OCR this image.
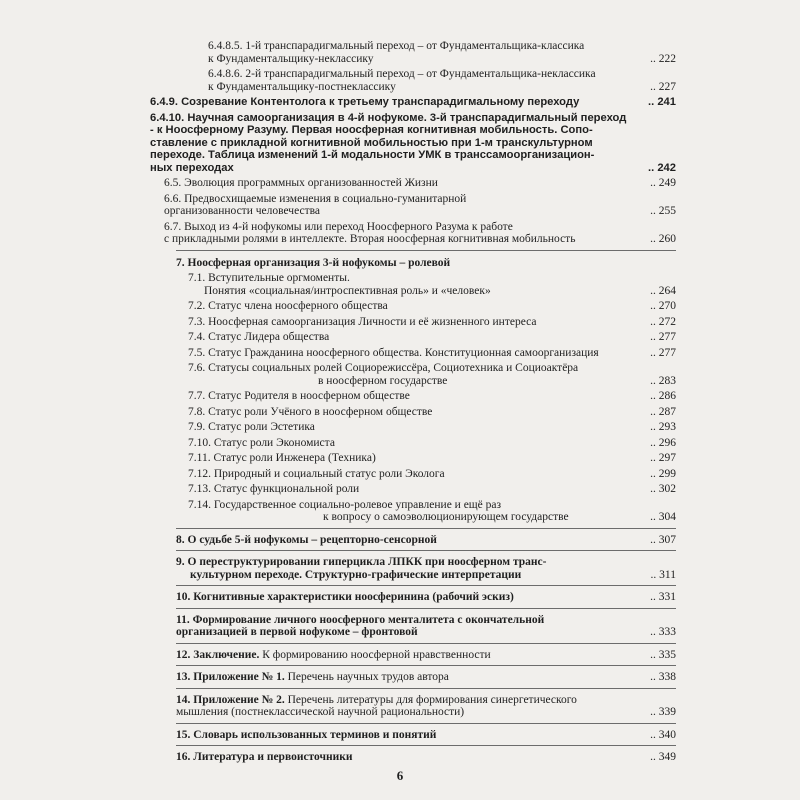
6.4.8.5. 1-й транспарадигмальный переход – от Фундаментальщика-классика
к Фундаментальщику-неклассику	.. 222
6.4.8.6. 2-й транспарадигмальный переход – от Фундаментальщика-неклассика
к Фундаментальщику-постнеклассику	.. 227
6.4.9. Созревание Контентолога к третьему транспарадигмальному переходу	.. 241
6.4.10. Научная самоорганизация в 4-й нофукоме. 3-й транспарадигмальный переход
- к Ноосферному Разуму. Первая ноосферная когнитивная мобильность. Сопо-
ставление с прикладной когнитивной мобильностью при 1-м транскультурном
переходе. Таблица изменений 1-й модальности УМК в транссамоорганизацион-
ных переходах	.. 242
6.5. Эволюция программных организованностей Жизни	.. 249
6.6. Предвосхищаемые изменения в социально-гуманитарной
организованности человечества	.. 255
6.7. Выход из 4-й нофукомы или переход Ноосферного Разума к работе
с прикладными ролями в интеллекте. Вторая ноосферная когнитивная мобильность	.. 260
7. Ноосферная организация 3-й нофукомы – ролевой
7.1. Вступительные оргмоменты.
Понятия «социальная/интроспективная роль» и «человек»	.. 264
7.2. Статус члена ноосферного общества	.. 270
7.3. Ноосферная самоорганизация Личности и её жизненного интереса	.. 272
7.4. Статус Лидера общества	.. 277
7.5. Статус Гражданина ноосферного общества. Конституционная самоорганизация	.. 277
7.6. Статусы социальных ролей Социорежиссёра, Социотехника и Социоактёра
в ноосферном государстве	.. 283
7.7. Статус Родителя в ноосферном обществе	.. 286
7.8. Статус роли Учёного в ноосферном обществе	.. 287
7.9. Статус роли Эстетика	.. 293
7.10. Статус роли Экономиста	.. 296
7.11. Статус роли Инженера (Техника)	.. 297
7.12. Природный и социальный статус роли Эколога	.. 299
7.13. Статус функциональной роли	.. 302
7.14. Государственное социально-ролевое управление и ещё раз
к вопросу о самоэволюционирующем государстве	.. 304
8. О судьбе 5-й нофукомы – рецепторно-сенсорной	.. 307
9. О переструктурировании гиперцикла ЛПКК при ноосферном транс-
культурном переходе. Структурно-графические интерпретации	.. 311
10. Когнитивные характеристики ноосферинина (рабочий эскиз)	.. 331
11. Формирование личного ноосферного менталитета с окончательной
организацией в первой нофукоме – фронтовой	.. 333
12. Заключение. К формированию ноосферной нравственности	.. 335
13. Приложение № 1. Перечень научных трудов автора	.. 338
14. Приложение № 2. Перечень литературы для формирования синергетического
мышления (постнеклассической научной рациональности)	.. 339
15. Словарь использованных терминов и понятий	.. 340
16. Литература и первоисточники	.. 349
6
